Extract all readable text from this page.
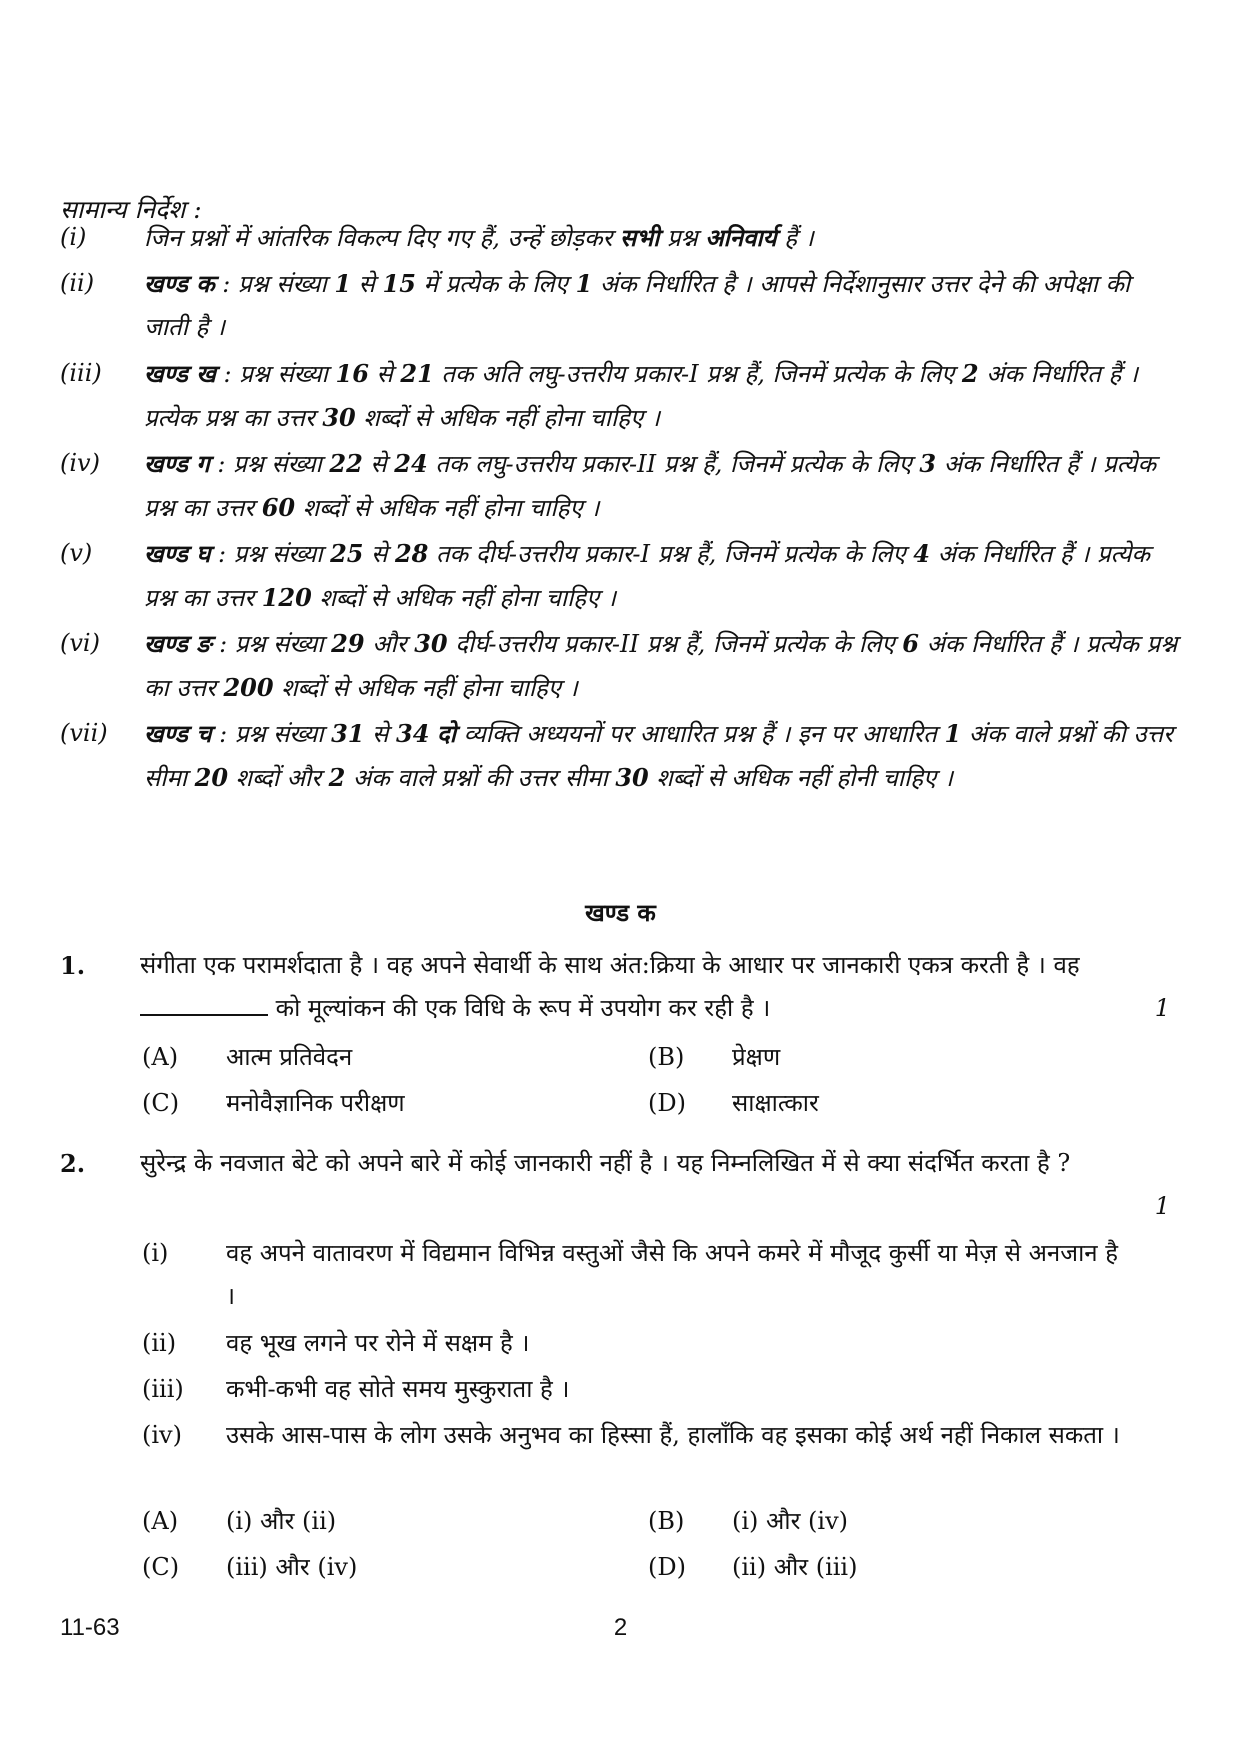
सामान्य निर्देश :
(i)	जिन प्रश्नों में आंतरिक विकल्प दिए गए हैं, उन्हें छोड़कर सभी प्रश्न अनिवार्य हैं ।
(ii)	खण्ड क : प्रश्न संख्या 1 से 15 में प्रत्येक के लिए 1 अंक निर्धारित है । आपसे निर्देशानुसार उत्तर देने की अपेक्षा की जाती है ।
(iii)	खण्ड ख : प्रश्न संख्या 16 से 21 तक अति लघु-उत्तरीय प्रकार-I प्रश्न हैं, जिनमें प्रत्येक के लिए 2 अंक निर्धारित हैं । प्रत्येक प्रश्न का उत्तर 30 शब्दों से अधिक नहीं होना चाहिए ।
(iv)	खण्ड ग : प्रश्न संख्या 22 से 24 तक लघु-उत्तरीय प्रकार-II प्रश्न हैं, जिनमें प्रत्येक के लिए 3 अंक निर्धारित हैं । प्रत्येक प्रश्न का उत्तर 60 शब्दों से अधिक नहीं होना चाहिए ।
(v)	खण्ड घ : प्रश्न संख्या 25 से 28 तक दीर्घ-उत्तरीय प्रकार-I प्रश्न हैं, जिनमें प्रत्येक के लिए 4 अंक निर्धारित हैं । प्रत्येक प्रश्न का उत्तर 120 शब्दों से अधिक नहीं होना चाहिए ।
(vi)	खण्ड ङ : प्रश्न संख्या 29 और 30 दीर्घ-उत्तरीय प्रकार-II प्रश्न हैं, जिनमें प्रत्येक के लिए 6 अंक निर्धारित हैं । प्रत्येक प्रश्न का उत्तर 200 शब्दों से अधिक नहीं होना चाहिए ।
(vii)	खण्ड च : प्रश्न संख्या 31 से 34 दो व्यक्ति अध्ययनों पर आधारित प्रश्न हैं । इन पर आधारित 1 अंक वाले प्रश्नों की उत्तर सीमा 20 शब्दों और 2 अंक वाले प्रश्नों की उत्तर सीमा 30 शब्दों से अधिक नहीं होनी चाहिए ।
खण्ड क
1. संगीता एक परामर्शदाता है । वह अपने सेवार्थी के साथ अंत:क्रिया के आधार पर जानकारी एकत्र करती है । वह  को मूल्यांकन की एक विधि के रूप में उपयोग कर रही है ।	1
(A) आत्म प्रतिवेदन	(B) प्रेक्षण
(C) मनोवैज्ञानिक परीक्षण	(D) साक्षात्कार
2. सुरेन्द्र के नवजात बेटे को अपने बारे में कोई जानकारी नहीं है । यह निम्नलिखित में से क्या संदर्भित करता है ?
1
(i) वह अपने वातावरण में विद्यमान विभिन्न वस्तुओं जैसे कि अपने कमरे में मौजूद कुर्सी या मेज़ से अनजान है ।
(ii) वह भूख लगने पर रोने में सक्षम है ।
(iii) कभी-कभी वह सोते समय मुस्कुराता है ।
(iv) उसके आस-पास के लोग उसके अनुभव का हिस्सा हैं, हालाँकि वह इसका कोई अर्थ नहीं निकाल सकता ।
(A) (i) और (ii)	(B) (i) और (iv)
(C) (iii) और (iv)	(D) (ii) और (iii)
11-63	2
